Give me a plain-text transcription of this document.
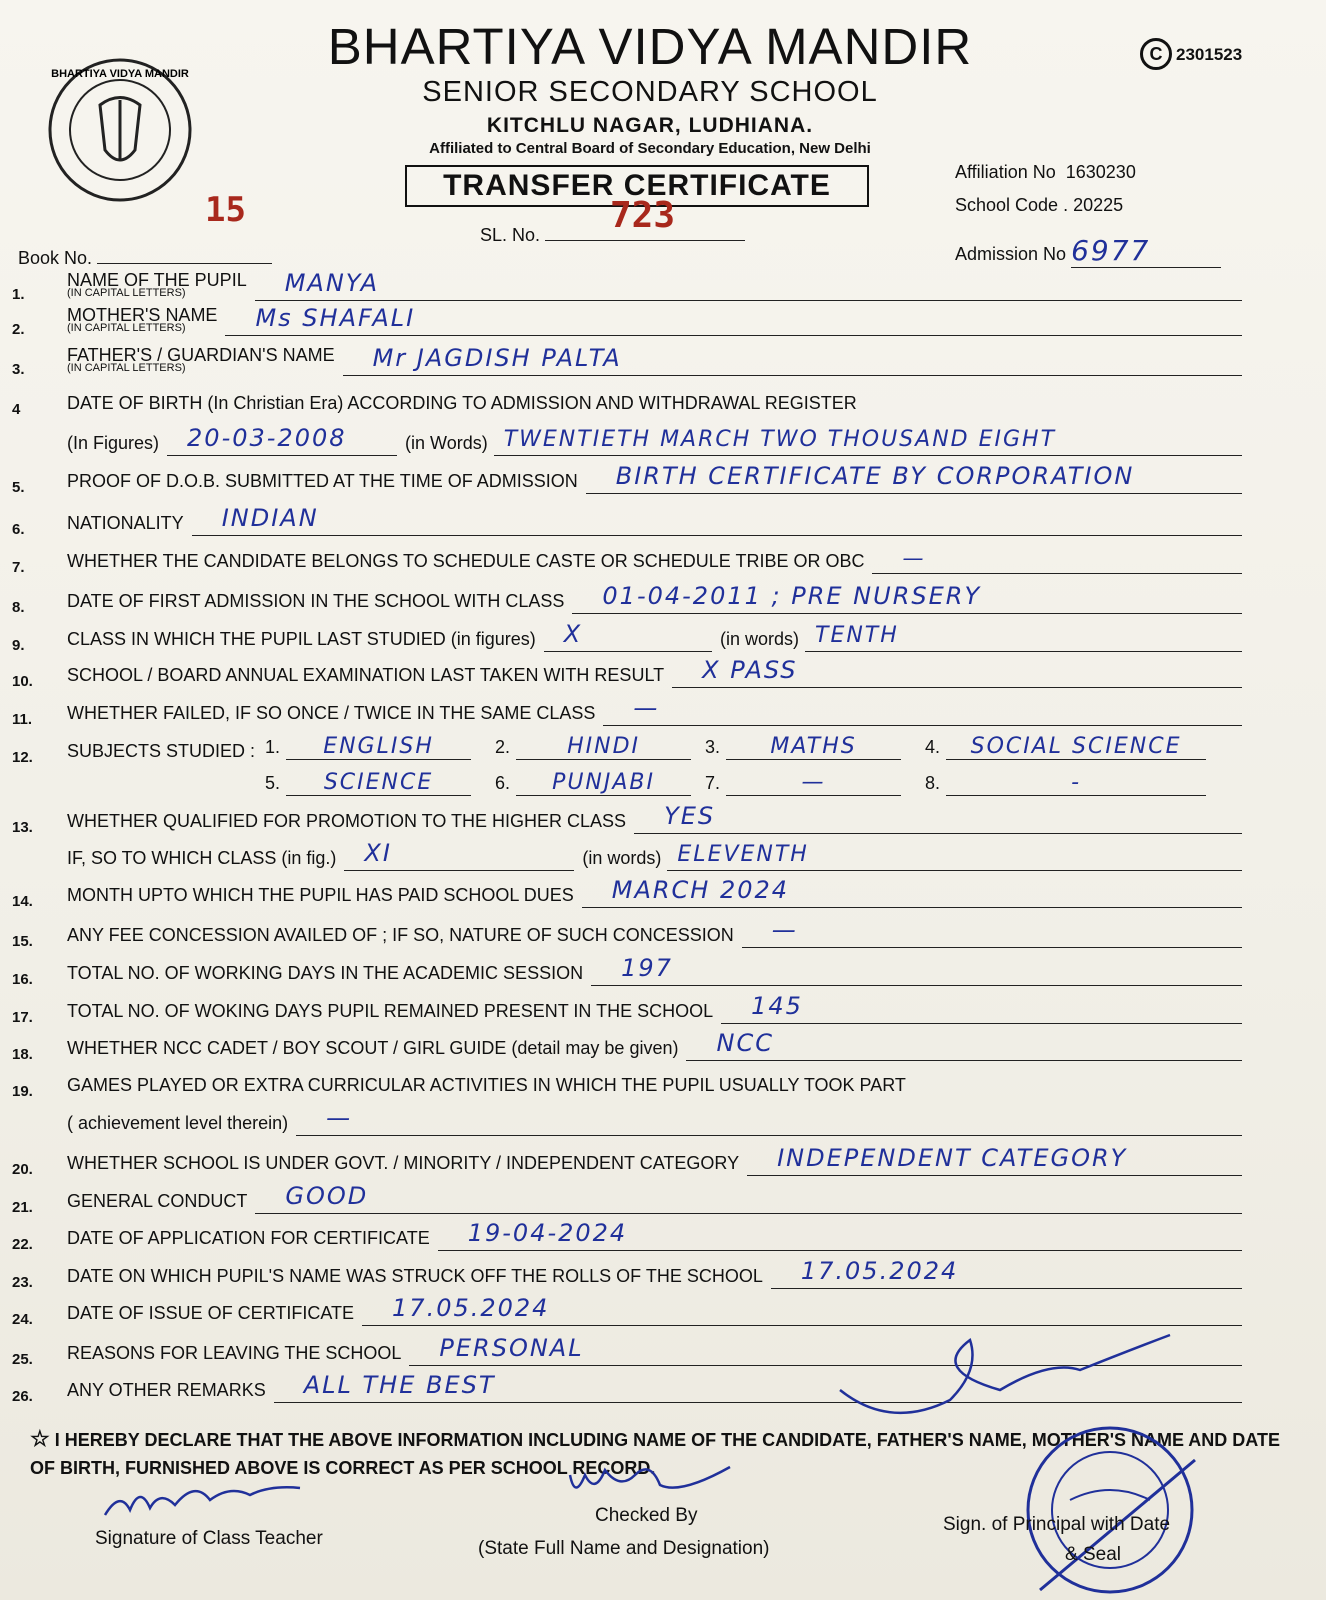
BHARTIYA VIDYA MANDIR
C 2301523
BHARTIYA VIDYA MANDIR
SENIOR SECONDARY SCHOOL
KITCHLU NAGAR, LUDHIANA.
Affiliated to Central Board of Secondary Education, New Delhi
TRANSFER CERTIFICATE	Affiliation No 1630230
School Code . 20225
Admission No 6977
Book No.
15
SL. No.	723
1.
NAME OF THE PUPIL
(IN CAPITAL LETTERS)	MANYA
2.
MOTHER'S NAME
(IN CAPITAL LETTERS)	Ms SHAFALI
3.
FATHER'S / GUARDIAN'S NAME
(IN CAPITAL LETTERS)	Mr JAGDISH PALTA
4	DATE OF BIRTH (In Christian Era) ACCORDING TO ADMISSION AND WITHDRAWAL REGISTER
(In Figures) 20-03-2008	(in Words) TWENTIETH MARCH TWO THOUSAND EIGHT
5.	PROOF OF D.O.B. SUBMITTED AT THE TIME OF ADMISSION BIRTH CERTIFICATE BY CORPORATION
6.	NATIONALITY INDIAN
7.	WHETHER THE CANDIDATE BELONGS TO SCHEDULE CASTE OR SCHEDULE TRIBE OR OBC —
8.	DATE OF FIRST ADMISSION IN THE SCHOOL WITH CLASS 01-04-2011 ; PRE NURSERY
9.	CLASS IN WHICH THE PUPIL LAST STUDIED (in figures) X	(in words) TENTH
10.	SCHOOL / BOARD ANNUAL EXAMINATION LAST TAKEN WITH RESULT X PASS
11.	WHETHER FAILED, IF SO ONCE / TWICE IN THE SAME CLASS —
12.	SUBJECTS STUDIED : 1. ENGLISH	2.	HINDI	3. MATHS	4. SOCIAL SCIENCE
5. SCIENCE	6. PUNJABI	7.	—	8.	-
13.	WHETHER QUALIFIED FOR PROMOTION TO THE HIGHER CLASS YES
IF, SO TO WHICH CLASS (in fig.) XI	(in words) ELEVENTH
14.	MONTH UPTO WHICH THE PUPIL HAS PAID SCHOOL DUES MARCH 2024
15.	ANY FEE CONCESSION AVAILED OF ; IF SO, NATURE OF SUCH CONCESSION —
16.	TOTAL NO. OF WORKING DAYS IN THE ACADEMIC SESSION 197
17.	TOTAL NO. OF WOKING DAYS PUPIL REMAINED PRESENT IN THE SCHOOL 145
18.	WHETHER NCC CADET / BOY SCOUT / GIRL GUIDE (detail may be given) NCC
19.	GAMES PLAYED OR EXTRA CURRICULAR ACTIVITIES IN WHICH THE PUPIL USUALLY TOOK PART
( achievement level therein) —
20.	WHETHER SCHOOL IS UNDER GOVT. / MINORITY / INDEPENDENT CATEGORY INDEPENDENT CATEGORY
21.	GENERAL CONDUCT GOOD
22.	DATE OF APPLICATION FOR CERTIFICATE 19-04-2024
23.	DATE ON WHICH PUPIL'S NAME WAS STRUCK OFF THE ROLLS OF THE SCHOOL 17.05.2024
24.	DATE OF ISSUE OF CERTIFICATE 17.05.2024
25.	REASONS FOR LEAVING THE SCHOOL PERSONAL
26.	ANY OTHER REMARKS ALL THE BEST
☆ I HEREBY DECLARE THAT THE ABOVE INFORMATION INCLUDING NAME OF THE CANDIDATE, FATHER'S NAME, MOTHER'S NAME AND DATE OF BIRTH, FURNISHED ABOVE IS CORRECT AS PER SCHOOL RECORD.
Signature of Class Teacher
Checked By
(State Full Name and Designation)
Sign. of Principal with Date
& Seal
